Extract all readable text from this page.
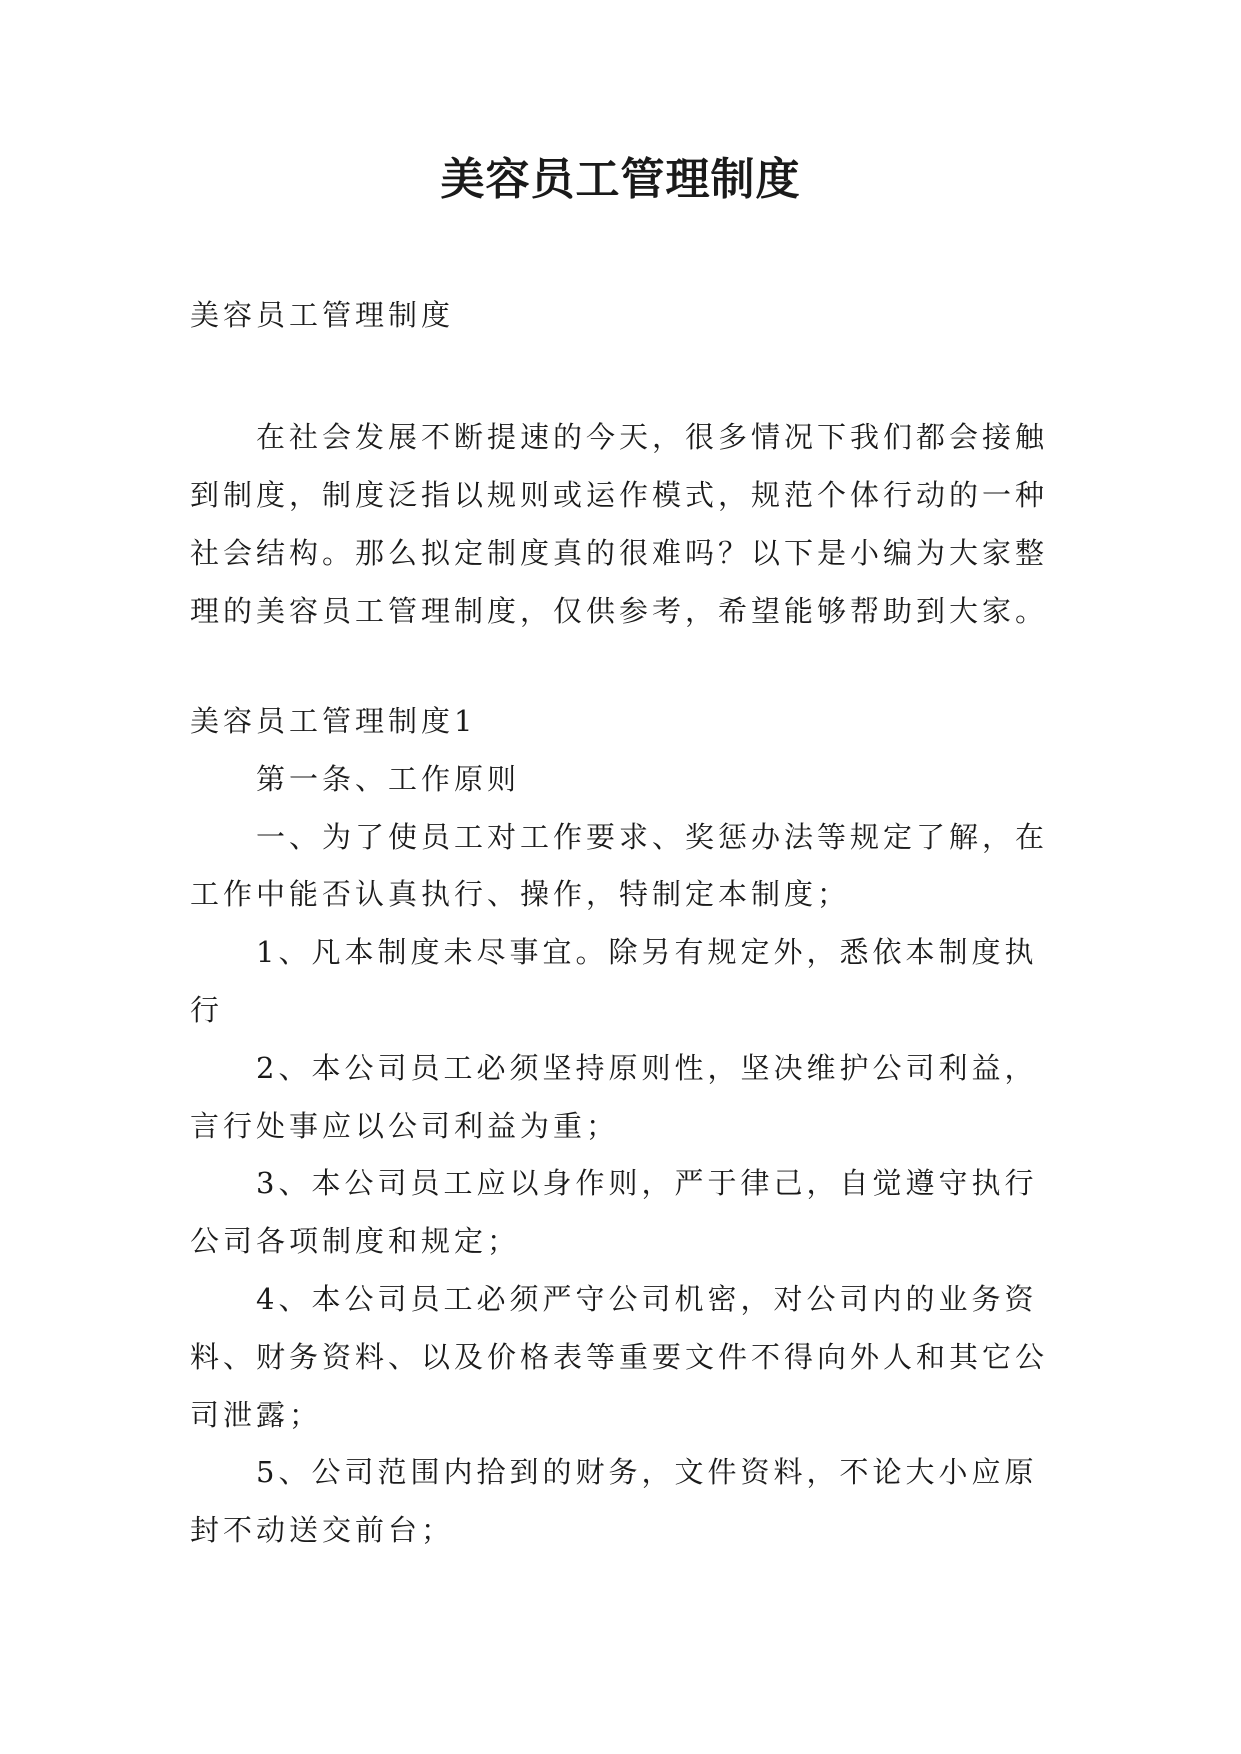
美容员工管理制度

美容员工管理制度

在社会发展不断提速的今天，很多情况下我们都会接触到制度，制度泛指以规则或运作模式，规范个体行动的一种社会结构。那么拟定制度真的很难吗？以下是小编为大家整理的美容员工管理制度，仅供参考，希望能够帮助到大家。

美容员工管理制度1

第一条、工作原则

一、为了使员工对工作要求、奖惩办法等规定了解，在工作中能否认真执行、操作，特制定本制度；

1、凡本制度未尽事宜。除另有规定外，悉依本制度执行

2、本公司员工必须坚持原则性，坚决维护公司利益，言行处事应以公司利益为重；

3、本公司员工应以身作则，严于律己，自觉遵守执行公司各项制度和规定；

4、本公司员工必须严守公司机密，对公司内的业务资料、财务资料、以及价格表等重要文件不得向外人和其它公司泄露；

5、公司范围内拾到的财务，文件资料，不论大小应原封不动送交前台；
